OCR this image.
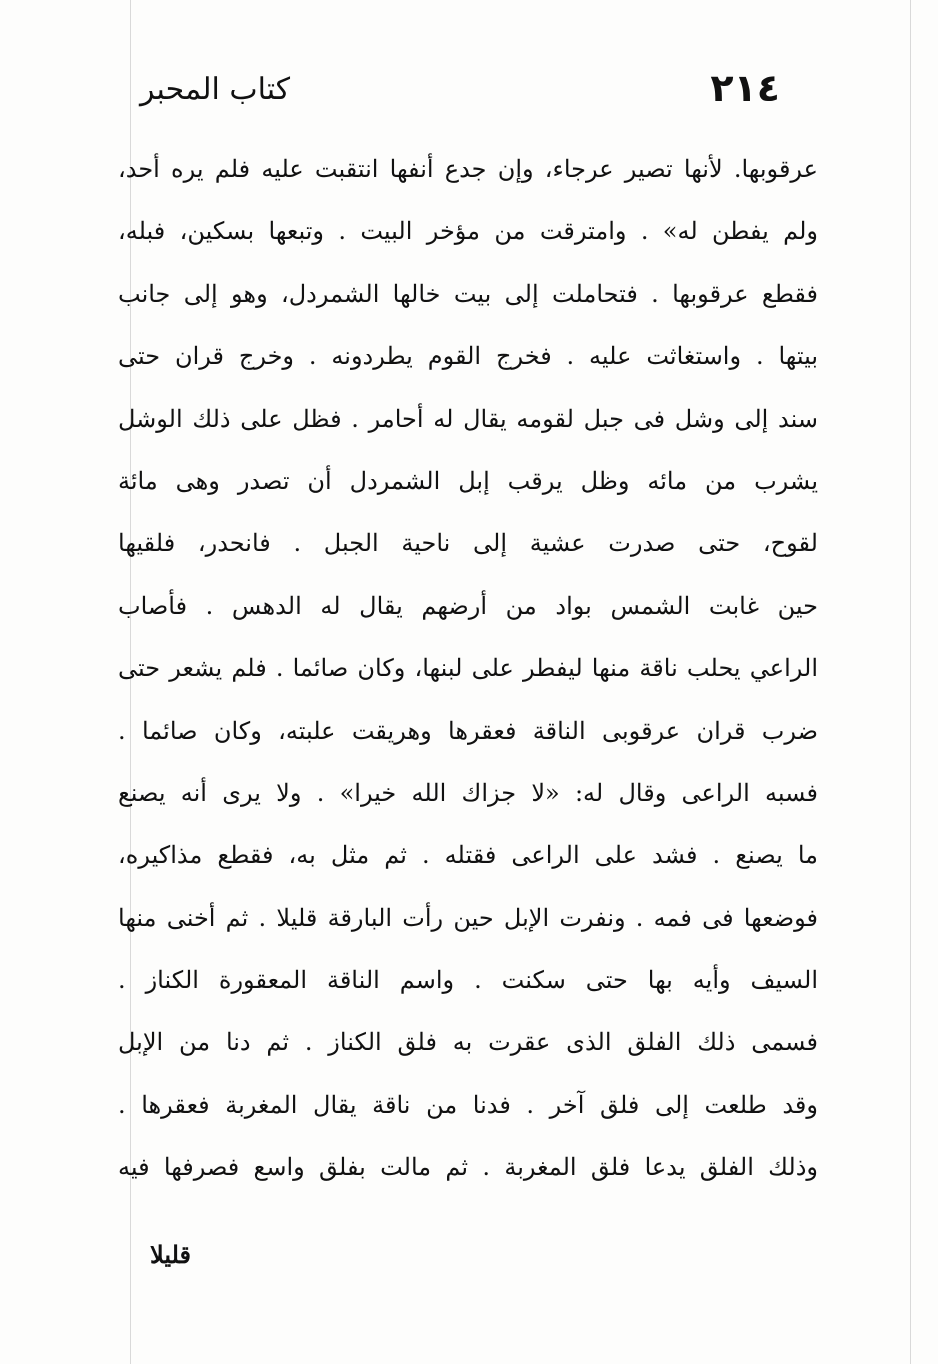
٢١٤
كتاب المحبر
عرقوبها. لأنها تصير عرجاء، وإن جدع أنفها انتقبت عليه فلم يره أحد،
ولم يفطن له» . وامترقت من مؤخر البيت . وتبعها بسكين، فبله،
فقطع عرقوبها . فتحاملت إلى بيت خالها الشمردل، وهو إلى جانب
بيتها . واستغاثت عليه . فخرج القوم يطردونه . وخرج قران حتى
سند إلى وشل فى جبل لقومه يقال له أحامر . فظل على ذلك الوشل
يشرب من مائه وظل يرقب إبل الشمردل أن تصدر وهى مائة
لقوح، حتى صدرت عشية إلى ناحية الجبل . فانحدر، فلقيها
حين غابت الشمس بواد من أرضهم يقال له الدهس . فأصاب
الراعي يحلب ناقة منها ليفطر على لبنها، وكان صائما . فلم يشعر حتى
ضرب قران عرقوبى الناقة فعقرها وهريقت علبته، وكان صائما .
فسبه الراعى وقال له: «لا جزاك الله خيرا» . ولا يرى أنه يصنع
ما يصنع . فشد على الراعى فقتله . ثم مثل به، فقطع مذاكيره،
فوضعها فى فمه . ونفرت الإبل حين رأت البارقة قليلا . ثم أخنى منها
السيف وأيه بها حتى سكنت . واسم الناقة المعقورة الكناز .
فسمى ذلك الفلق الذى عقرت به فلق الكناز . ثم دنا من الإبل
وقد طلعت إلى فلق آخر . فدنا من ناقة يقال المغربة فعقرها .
وذلك الفلق يدعا فلق المغربة . ثم مالت بفلق واسع فصرفها فيه
قليلا
